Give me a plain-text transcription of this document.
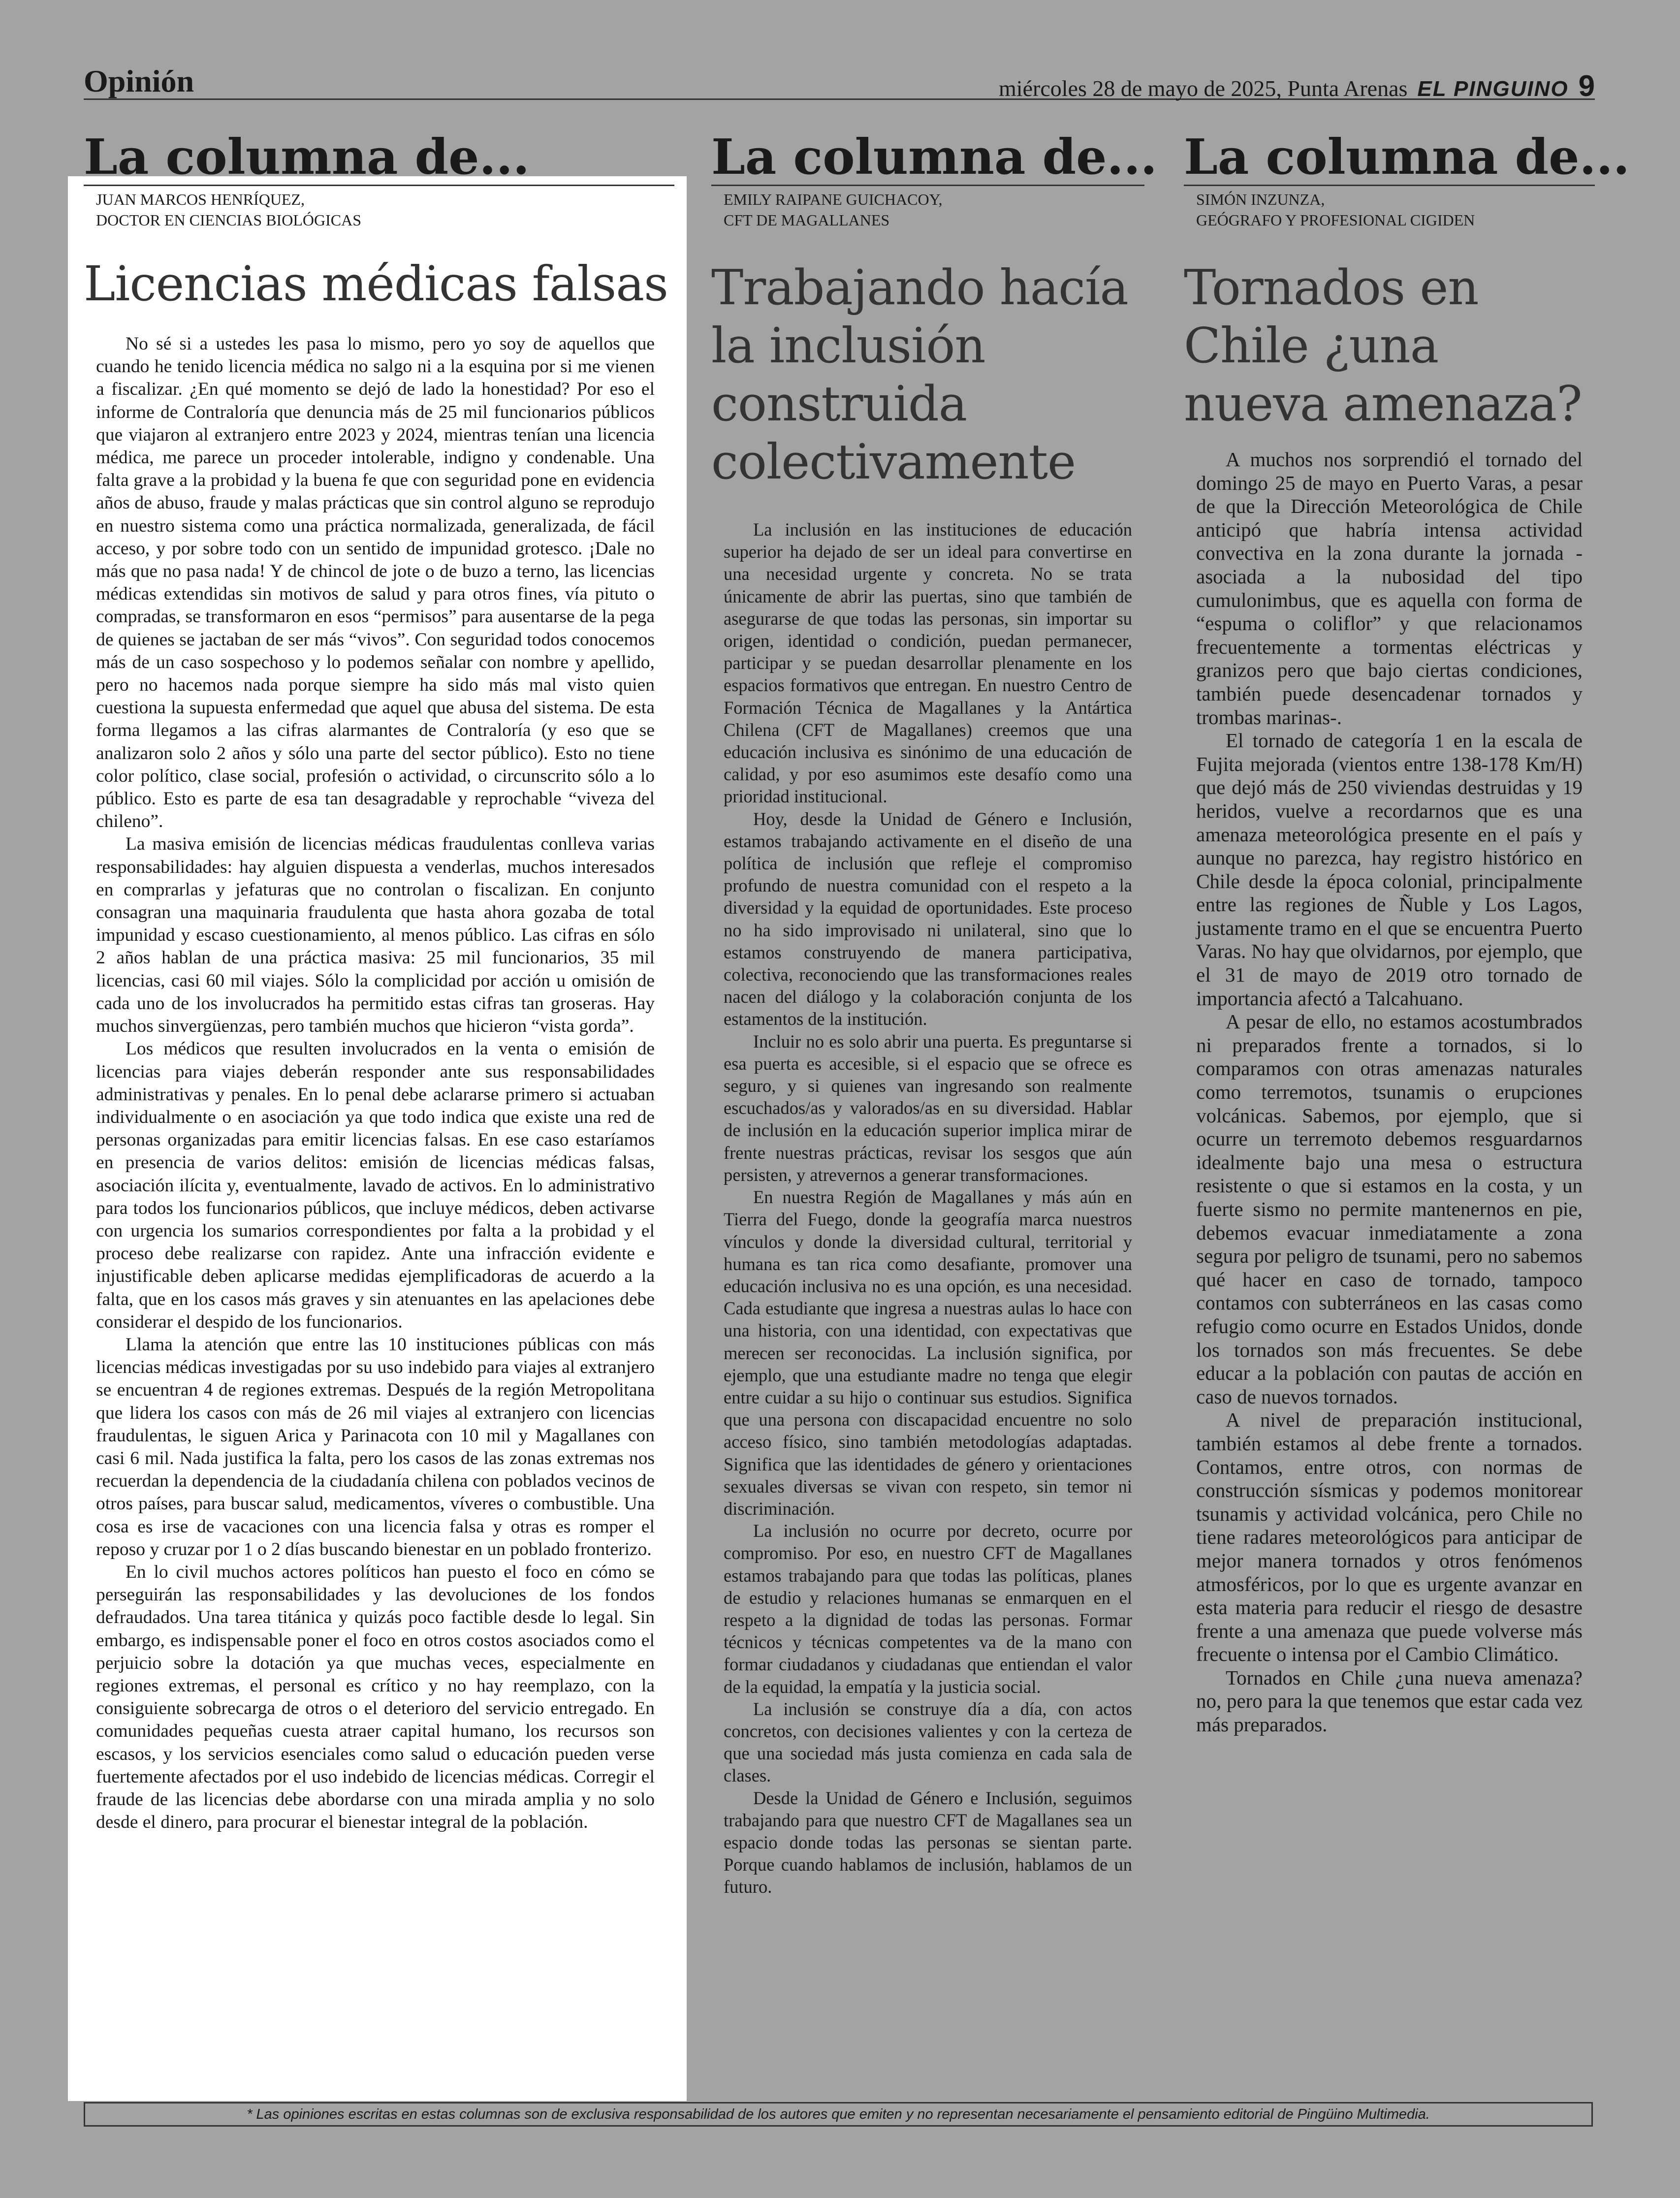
Opinión	miércoles 28 de mayo de 2025, Punta Arenas EL PINGUINO 9
La columna de...
JUAN MARCOS HENRÍQUEZ,
DOCTOR EN CIENCIAS BIOLÓGICAS
Licencias médicas falsas

No sé si a ustedes les pasa lo mismo, pero yo soy de aquellos que cuando he tenido licencia médica no salgo ni a la esquina por si me vienen a fiscalizar. ¿En qué momento se dejó de lado la honestidad? Por eso el informe de Contraloría que denuncia más de 25 mil funcionarios públicos que viajaron al extranjero entre 2023 y 2024, mientras tenían una licencia médica, me parece un proceder intolerable, indigno y condenable. Una falta grave a la probidad y la buena fe que con seguridad pone en evidencia años de abuso, fraude y malas prácticas que sin control alguno se reprodujo en nuestro sistema como una práctica normalizada, generalizada, de fácil acceso, y por sobre todo con un sentido de impunidad grotesco. ¡Dale no más que no pasa nada! Y de chincol de jote o de buzo a terno, las licencias médicas extendidas sin motivos de salud y para otros fines, vía pituto o compradas, se transformaron en esos “permisos” para ausentarse de la pega de quienes se jactaban de ser más “vivos”. Con seguridad todos conocemos más de un caso sospechoso y lo podemos señalar con nombre y apellido, pero no hacemos nada porque siempre ha sido más mal visto quien cuestiona la supuesta enfermedad que aquel que abusa del sistema. De esta forma llegamos a las cifras alarmantes de Contraloría (y eso que se analizaron solo 2 años y sólo una parte del sector público). Esto no tiene color político, clase social, profesión o actividad, o circunscrito sólo a lo público. Esto es parte de esa tan desagradable y reprochable “viveza del chileno”.

La masiva emisión de licencias médicas fraudulentas conlleva varias responsabilidades: hay alguien dispuesta a venderlas, muchos interesados en comprarlas y jefaturas que no controlan o fiscalizan. En conjunto consagran una maquinaria fraudulenta que hasta ahora gozaba de total impunidad y escaso cuestionamiento, al menos público. Las cifras en sólo 2 años hablan de una práctica masiva: 25 mil funcionarios, 35 mil licencias, casi 60 mil viajes. Sólo la complicidad por acción u omisión de cada uno de los involucrados ha permitido estas cifras tan groseras. Hay muchos sinvergüenzas, pero también muchos que hicieron “vista gorda”.

Los médicos que resulten involucrados en la venta o emisión de licencias para viajes deberán responder ante sus responsabilidades administrativas y penales. En lo penal debe aclararse primero si actuaban individualmente o en asociación ya que todo indica que existe una red de personas organizadas para emitir licencias falsas. En ese caso estaríamos en presencia de varios delitos: emisión de licencias médicas falsas, asociación ilícita y, eventualmente, lavado de activos. En lo administrativo para todos los funcionarios públicos, que incluye médicos, deben activarse con urgencia los sumarios correspondientes por falta a la probidad y el proceso debe realizarse con rapidez. Ante una infracción evidente e injustificable deben aplicarse medidas ejemplificadoras de acuerdo a la falta, que en los casos más graves y sin atenuantes en las apelaciones debe considerar el despido de los funcionarios.

Llama la atención que entre las 10 instituciones públicas con más licencias médicas investigadas por su uso indebido para viajes al extranjero se encuentran 4 de regiones extremas. Después de la región Metropolitana que lidera los casos con más de 26 mil viajes al extranjero con licencias fraudulentas, le siguen Arica y Parinacota con 10 mil y Magallanes con casi 6 mil. Nada justifica la falta, pero los casos de las zonas extremas nos recuerdan la dependencia de la ciudadanía chilena con poblados vecinos de otros países, para buscar salud, medicamentos, víveres o combustible. Una cosa es irse de vacaciones con una licencia falsa y otras es romper el reposo y cruzar por 1 o 2 días buscando bienestar en un poblado fronterizo.

En lo civil muchos actores políticos han puesto el foco en cómo se perseguirán las responsabilidades y las devoluciones de los fondos defraudados. Una tarea titánica y quizás poco factible desde lo legal. Sin embargo, es indispensable poner el foco en otros costos asociados como el perjuicio sobre la dotación ya que muchas veces, especialmente en regiones extremas, el personal es crítico y no hay reemplazo, con la consiguiente sobrecarga de otros o el deterioro del servicio entregado. En comunidades pequeñas cuesta atraer capital humano, los recursos son escasos, y los servicios esenciales como salud o educación pueden verse fuertemente afectados por el uso indebido de licencias médicas. Corregir el fraude de las licencias debe abordarse con una mirada amplia y no solo desde el dinero, para procurar el bienestar integral de la población.

La columna de...
EMILY RAIPANE GUICHACOY,
CFT DE MAGALLANES
Trabajando hacía la inclusión construida colectivamente

La inclusión en las instituciones de educación superior ha dejado de ser un ideal para convertirse en una necesidad urgente y concreta. No se trata únicamente de abrir las puertas, sino que también de asegurarse de que todas las personas, sin importar su origen, identidad o condición, puedan permanecer, participar y se puedan desarrollar plenamente en los espacios formativos que entregan. En nuestro Centro de Formación Técnica de Magallanes y la Antártica Chilena (CFT de Magallanes) creemos que una educación inclusiva es sinónimo de una educación de calidad, y por eso asumimos este desafío como una prioridad institucional.

Hoy, desde la Unidad de Género e Inclusión, estamos trabajando activamente en el diseño de una política de inclusión que refleje el compromiso profundo de nuestra comunidad con el respeto a la diversidad y la equidad de oportunidades. Este proceso no ha sido improvisado ni unilateral, sino que lo estamos construyendo de manera participativa, colectiva, reconociendo que las transformaciones reales nacen del diálogo y la colaboración conjunta de los estamentos de la institución.

Incluir no es solo abrir una puerta. Es preguntarse si esa puerta es accesible, si el espacio que se ofrece es seguro, y si quienes van ingresando son realmente escuchados/as y valorados/as en su diversidad. Hablar de inclusión en la educación superior implica mirar de frente nuestras prácticas, revisar los sesgos que aún persisten, y atrevernos a generar transformaciones.

En nuestra Región de Magallanes y más aún en Tierra del Fuego, donde la geografía marca nuestros vínculos y donde la diversidad cultural, territorial y humana es tan rica como desafiante, promover una educación inclusiva no es una opción, es una necesidad. Cada estudiante que ingresa a nuestras aulas lo hace con una historia, con una identidad, con expectativas que merecen ser reconocidas. La inclusión significa, por ejemplo, que una estudiante madre no tenga que elegir entre cuidar a su hijo o continuar sus estudios. Significa que una persona con discapacidad encuentre no solo acceso físico, sino también metodologías adaptadas. Significa que las identidades de género y orientaciones sexuales diversas se vivan con respeto, sin temor ni discriminación.

La inclusión no ocurre por decreto, ocurre por compromiso. Por eso, en nuestro CFT de Magallanes estamos trabajando para que todas las políticas, planes de estudio y relaciones humanas se enmarquen en el respeto a la dignidad de todas las personas. Formar técnicos y técnicas competentes va de la mano con formar ciudadanos y ciudadanas que entiendan el valor de la equidad, la empatía y la justicia social.

La inclusión se construye día a día, con actos concretos, con decisiones valientes y con la certeza de que una sociedad más justa comienza en cada sala de clases.

Desde la Unidad de Género e Inclusión, seguimos trabajando para que nuestro CFT de Magallanes sea un espacio donde todas las personas se sientan parte. Porque cuando hablamos de inclusión, hablamos de un futuro.

La columna de...
SIMÓN INZUNZA,
GEÓGRAFO Y PROFESIONAL CIGIDEN
Tornados en Chile ¿una nueva amenaza?

A muchos nos sorprendió el tornado del domingo 25 de mayo en Puerto Varas, a pesar de que la Dirección Meteorológica de Chile anticipó que habría intensa actividad convectiva en la zona durante la jornada -asociada a la nubosidad del tipo cumulonimbus, que es aquella con forma de “espuma o coliflor” y que relacionamos frecuentemente a tormentas eléctricas y granizos pero que bajo ciertas condiciones, también puede desencadenar tornados y trombas marinas-.

El tornado de categoría 1 en la escala de Fujita mejorada (vientos entre 138-178 Km/H) que dejó más de 250 viviendas destruidas y 19 heridos, vuelve a recordarnos que es una amenaza meteorológica presente en el país y aunque no parezca, hay registro histórico en Chile desde la época colonial, principalmente entre las regiones de Ñuble y Los Lagos, justamente tramo en el que se encuentra Puerto Varas. No hay que olvidarnos, por ejemplo, que el 31 de mayo de 2019 otro tornado de importancia afectó a Talcahuano.

A pesar de ello, no estamos acostumbrados ni preparados frente a tornados, si lo comparamos con otras amenazas naturales como terremotos, tsunamis o erupciones volcánicas. Sabemos, por ejemplo, que si ocurre un terremoto debemos resguardarnos idealmente bajo una mesa o estructura resistente o que si estamos en la costa, y un fuerte sismo no permite mantenernos en pie, debemos evacuar inmediatamente a zona segura por peligro de tsunami, pero no sabemos qué hacer en caso de tornado, tampoco contamos con subterráneos en las casas como refugio como ocurre en Estados Unidos, donde los tornados son más frecuentes. Se debe educar a la población con pautas de acción en caso de nuevos tornados.

A nivel de preparación institucional, también estamos al debe frente a tornados. Contamos, entre otros, con normas de construcción sísmicas y podemos monitorear tsunamis y actividad volcánica, pero Chile no tiene radares meteorológicos para anticipar de mejor manera tornados y otros fenómenos atmosféricos, por lo que es urgente avanzar en esta materia para reducir el riesgo de desastre frente a una amenaza que puede volverse más frecuente o intensa por el Cambio Climático.

Tornados en Chile ¿una nueva amenaza? no, pero para la que tenemos que estar cada vez más preparados.

* Las opiniones escritas en estas columnas son de exclusiva responsabilidad de los autores que emiten y no representan necesariamente el pensamiento editorial de Pingüino Multimedia.
